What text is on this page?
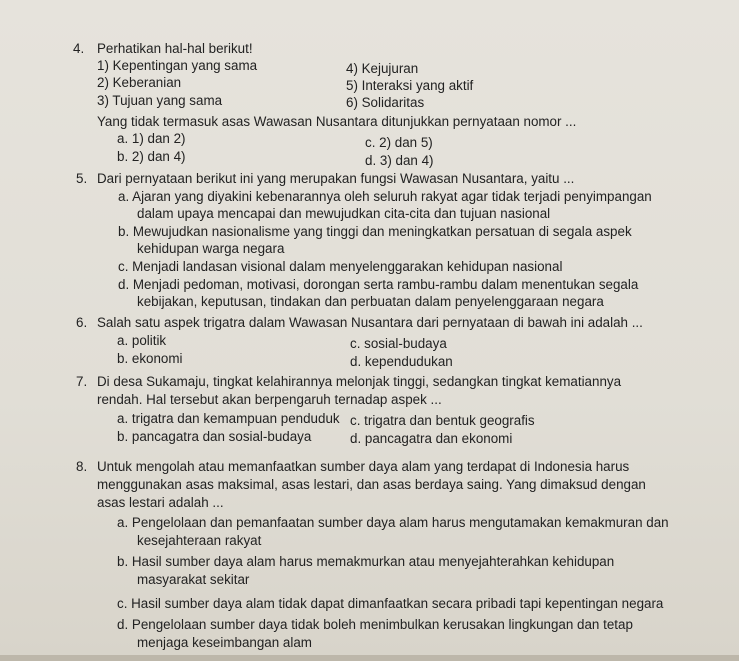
4. Perhatikan hal-hal berikut!
1) Kepentingan yang sama
2) Keberanian
3) Tujuan yang sama
4) Kejujuran
5) Interaksi yang aktif
6) Solidaritas
Yang tidak termasuk asas Wawasan Nusantara ditunjukkan pernyataan nomor ...
a. 1) dan 2)
b. 2) dan 4)
c. 2) dan 5)
d. 3) dan 4)
5. Dari pernyataan berikut ini yang merupakan fungsi Wawasan Nusantara, yaitu ...
a. Ajaran yang diyakini kebenarannya oleh seluruh rakyat agar tidak terjadi penyimpangan
dalam upaya mencapai dan mewujudkan cita-cita dan tujuan nasional
b. Mewujudkan nasionalisme yang tinggi dan meningkatkan persatuan di segala aspek
kehidupan warga negara
c. Menjadi landasan visional dalam menyelenggarakan kehidupan nasional
d. Menjadi pedoman, motivasi, dorongan serta rambu-rambu dalam menentukan segala
kebijakan, keputusan, tindakan dan perbuatan dalam penyelenggaraan negara
6. Salah satu aspek trigatra dalam Wawasan Nusantara dari pernyataan di bawah ini adalah ...
a. politik
b. ekonomi
c. sosial-budaya
d. kependudukan
7. Di desa Sukamaju, tingkat kelahirannya melonjak tinggi, sedangkan tingkat kematiannya
rendah. Hal tersebut akan berpengaruh ternadap aspek ...
a. trigatra dan kemampuan penduduk
b. pancagatra dan sosial-budaya
c. trigatra dan bentuk geografis
d. pancagatra dan ekonomi
8. Untuk mengolah atau memanfaatkan sumber daya alam yang terdapat di Indonesia harus
menggunakan asas maksimal, asas lestari, dan asas berdaya saing. Yang dimaksud dengan
asas lestari adalah ...
a. Pengelolaan dan pemanfaatan sumber daya alam harus mengutamakan kemakmuran dan
kesejahteraan rakyat
b. Hasil sumber daya alam harus memakmurkan atau menyejahterahkan kehidupan
masyarakat sekitar
c. Hasil sumber daya alam tidak dapat dimanfaatkan secara pribadi tapi kepentingan negara
d. Pengelolaan sumber daya tidak boleh menimbulkan kerusakan lingkungan dan tetap
menjaga keseimbangan alam
